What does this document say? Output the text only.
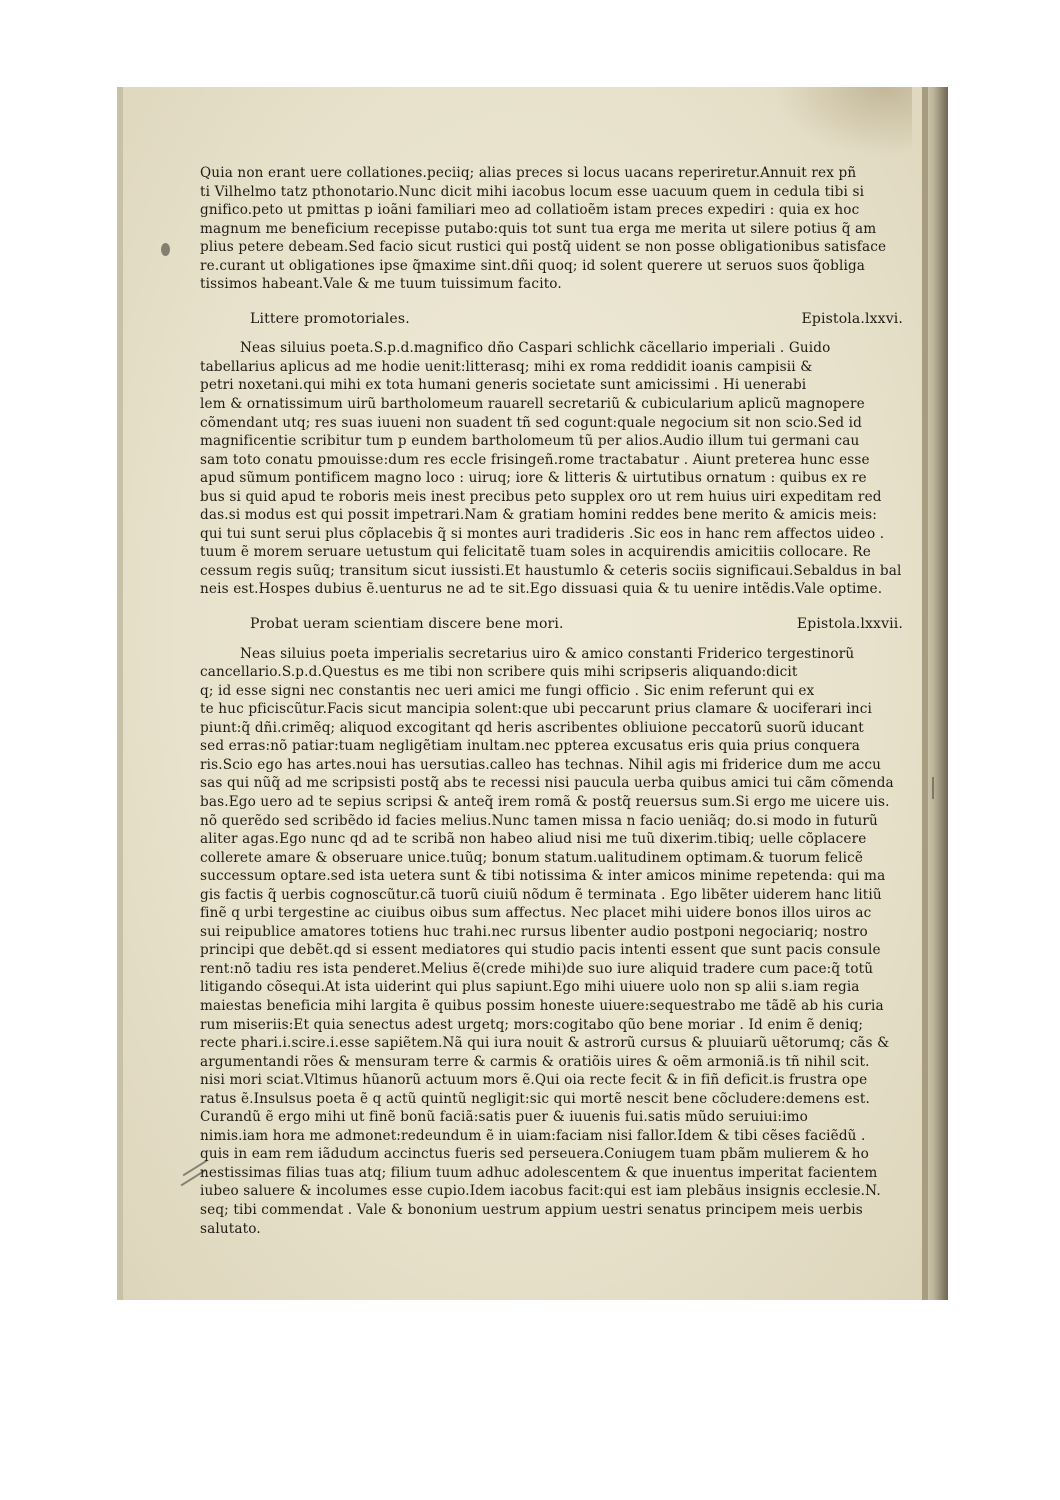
Quia non erant uere collationes.peciiq; alias preces si locus uacans reperiretur.Annuit rex pñ
ti Vilhelmo tatz pthonotario.Nunc dicit mihi iacobus locum esse uacuum quem in cedula tibi si
gnifico.peto ut pmittas p ioãni familiari meo ad collatioẽm istam preces expediri : quia ex hoc
magnum me beneficium recepisse putabo:quis tot sunt tua erga me merita ut silere potius q̃ am
plius petere debeam.Sed facio sicut rustici qui postq̃ uident se non posse obligationibus satisface
re.curant ut obligationes ipse q̃maxime sint.dñi quoq; id solent querere ut seruos suos q̃obliga
tissimos habeant.Vale & me tuum tuissimum facito.
Littere promotoriales.	Epistola.lxxvi.
Neas siluius poeta.S.p.d.magnifico dño Caspari schlichk cãcellario imperiali . Guido
tabellarius aplicus ad me hodie uenit:litterasq; mihi ex roma reddidit ioanis campisii &
petri noxetani.qui mihi ex tota humani generis societate sunt amicissimi . Hi uenerabi
lem & ornatissimum uirũ bartholomeum rauarell secretariũ & cubicularium aplicũ magnopere
cõmendant utq; res suas iuueni non suadent tñ sed cogunt:quale negocium sit non scio.Sed id
magnificentie scribitur tum p eundem bartholomeum tũ per alios.Audio illum tui germani cau
sam toto conatu pmouisse:dum res eccle frisingeñ.rome tractabatur . Aiunt preterea hunc esse
apud sũmum pontificem magno loco : uiruq; iore & litteris & uirtutibus ornatum : quibus ex re
bus si quid apud te roboris meis inest precibus peto supplex oro ut rem huius uiri expeditam red
das.si modus est qui possit impetrari.Nam & gratiam homini reddes bene merito & amicis meis:
qui tui sunt serui plus cõplacebis q̃ si montes auri tradideris .Sic eos in hanc rem affectos uideo .
tuum ẽ morem seruare uetustum qui felicitatẽ tuam soles in acquirendis amicitiis collocare. Re
cessum regis suũq; transitum sicut iussisti.Et haustumlo & ceteris sociis significaui.Sebaldus in bal
neis est.Hospes dubius ẽ.uenturus ne ad te sit.Ego dissuasi quia & tu uenire intẽdis.Vale optime.
Probat ueram scientiam discere bene mori.	Epistola.lxxvii.
Neas siluius poeta imperialis secretarius uiro & amico constanti Friderico tergestinorũ
cancellario.S.p.d.Questus es me tibi non scribere quis mihi scripseris aliquando:dicit
q; id esse signi nec constantis nec ueri amici me fungi officio . Sic enim referunt qui ex
te huc pficiscũtur.Facis sicut mancipia solent:que ubi peccarunt prius clamare & uociferari inci
piunt:q̃ dñi.crimẽq; aliquod excogitant qd heris ascribentes obliuione peccatorũ suorũ iducant
sed erras:nõ patiar:tuam negligẽtiam inultam.nec ppterea excusatus eris quia prius conquera
ris.Scio ego has artes.noui has uersutias.calleo has technas. Nihil agis mi friderice dum me accu
sas qui nũq̃ ad me scripsisti postq̃ abs te recessi nisi paucula uerba quibus amici tui cãm cõmenda
bas.Ego uero ad te sepius scripsi & anteq̃ irem romã & postq̃ reuersus sum.Si ergo me uicere uis.
nõ querẽdo sed scribẽdo id facies melius.Nunc tamen missa n facio ueniãq; do.si modo in futurũ
aliter agas.Ego nunc qd ad te scribã non habeo aliud nisi me tuũ dixerim.tibiq; uelle cõplacere
collerete amare & obseruare unice.tuũq; bonum statum.ualitudinem optimam.& tuorum felicẽ
successum optare.sed ista uetera sunt & tibi notissima & inter amicos minime repetenda: qui ma
gis factis q̃ uerbis cognoscũtur.cã tuorũ ciuiũ nõdum ẽ terminata . Ego libẽter uiderem hanc litiũ
finẽ q urbi tergestine ac ciuibus oibus sum affectus. Nec placet mihi uidere bonos illos uiros ac
sui reipublice amatores totiens huc trahi.nec rursus libenter audio postponi negociariq; nostro
principi que debẽt.qd si essent mediatores qui studio pacis intenti essent que sunt pacis consule
rent:nõ tadiu res ista penderet.Melius ẽ(crede mihi)de suo iure aliquid tradere cum pace:q̃ totũ
litigando cõsequi.At ista uiderint qui plus sapiunt.Ego mihi uiuere uolo non sp alii s.iam regia
maiestas beneficia mihi largita ẽ quibus possim honeste uiuere:sequestrabo me tãdẽ ab his curia
rum miseriis:Et quia senectus adest urgetq; mors:cogitabo qũo bene moriar . Id enim ẽ deniq;
recte phari.i.scire.i.esse sapiẽtem.Nã qui iura nouit & astrorũ cursus & pluuiarũ uẽtorumq; cãs &
argumentandi rões & mensuram terre & carmis & oratiõis uires & oẽm armoniã.is tñ nihil scit.
nisi mori sciat.Vltimus hũanorũ actuum mors ẽ.Qui oia recte fecit & in fiñ deficit.is frustra ope
ratus ẽ.Insulsus poeta ẽ q actũ quintũ negligit:sic qui mortẽ nescit bene cõcludere:demens est.
Curandũ ẽ ergo mihi ut finẽ bonũ faciã:satis puer & iuuenis fui.satis mũdo seruiui:imo
nimis.iam hora me admonet:redeundum ẽ in uiam:faciam nisi fallor.Idem & tibi cẽses faciẽdũ .
quis in eam rem iãdudum accinctus fueris sed perseuera.Coniugem tuam pbãm mulierem & ho
nestissimas filias tuas atq; filium tuum adhuc adolescentem & que inuentus imperitat facientem
iubeo saluere & incolumes esse cupio.Idem iacobus facit:qui est iam plebãus insignis ecclesie.N.
seq; tibi commendat . Vale & bononium uestrum appium uestri senatus principem meis uerbis
salutato.
